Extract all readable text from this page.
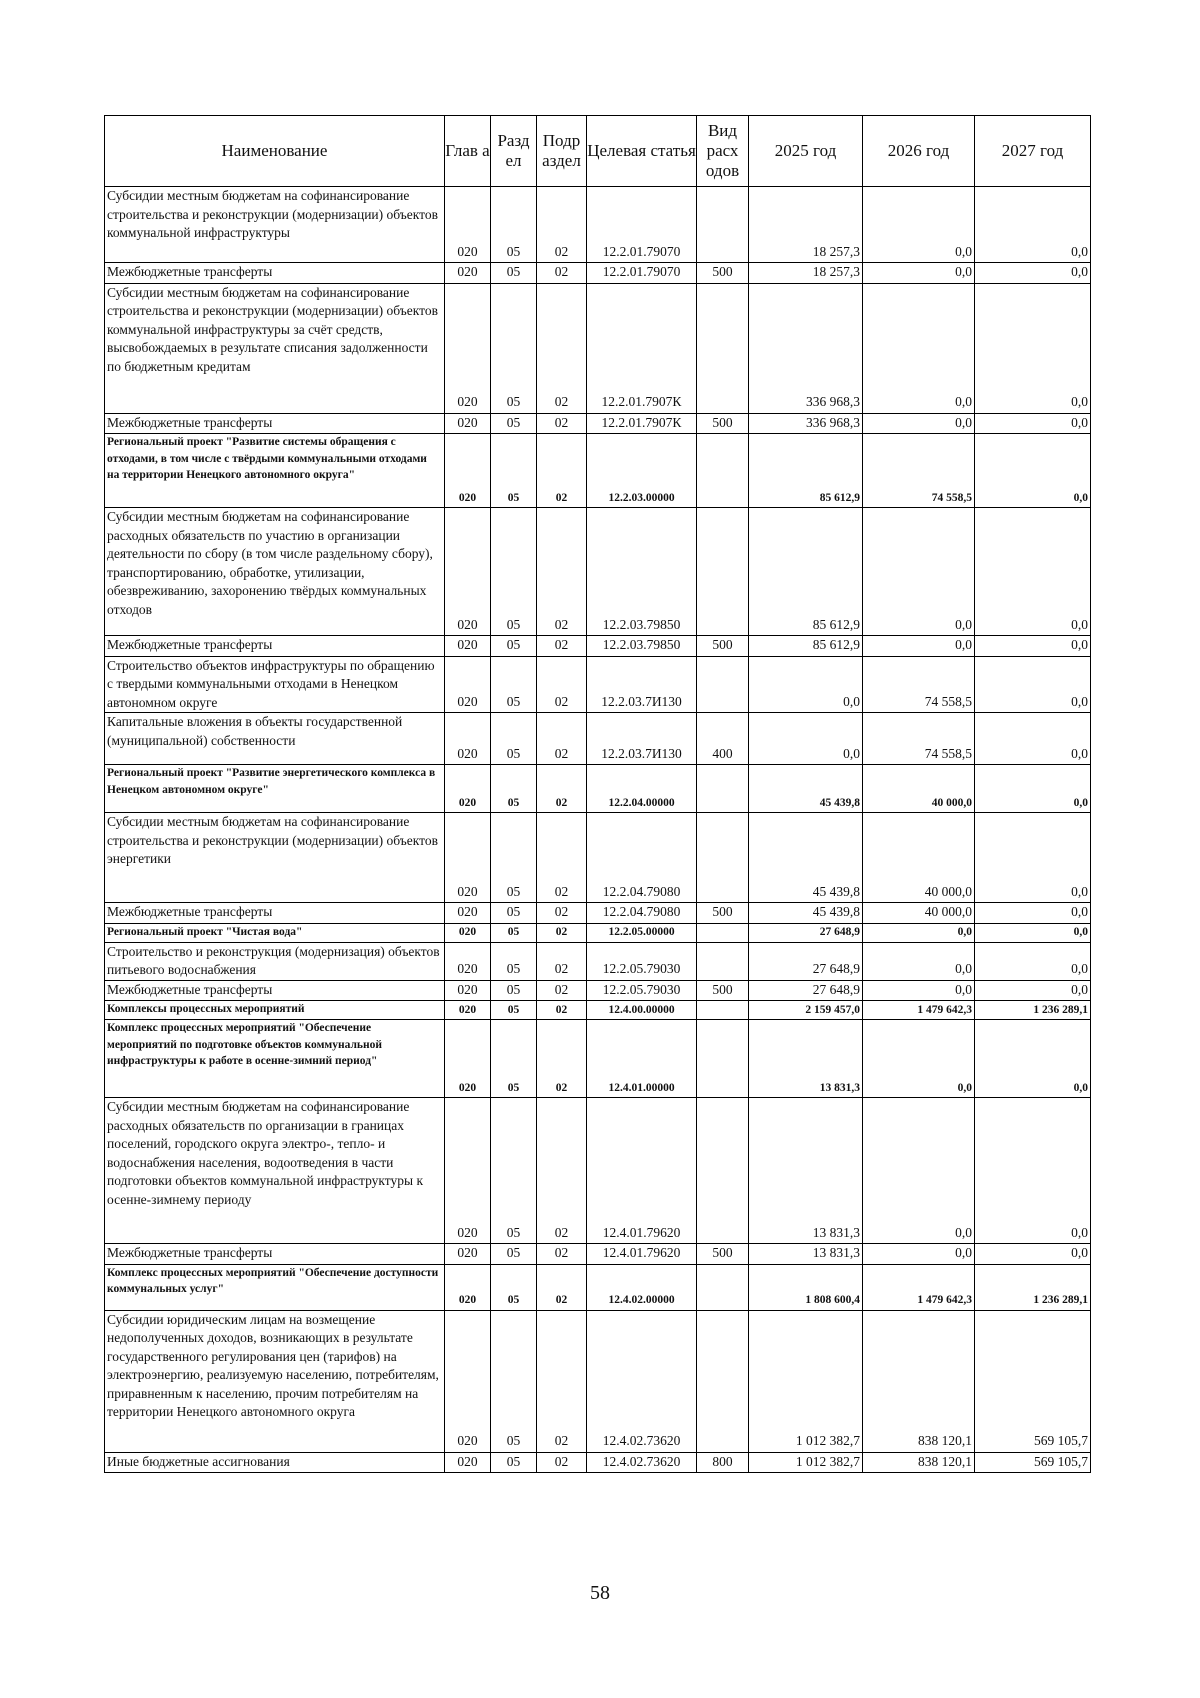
Наименование	Глав а	Разд ел	Подр аздел	Целевая статья	Вид расх одов	2025 год	2026 год	2027 год
Субсидии местным бюджетам на софинансирование строительства и реконструкции (модернизации) объектов коммунальной инфраструктуры	020	05	02	12.2.01.79070		18 257,3	0,0	0,0
Межбюджетные трансферты	020	05	02	12.2.01.79070	500	18 257,3	0,0	0,0
Субсидии местным бюджетам на софинансирование строительства и реконструкции (модернизации) объектов коммунальной инфраструктуры за счёт средств, высвобождаемых в результате списания задолженности по бюджетным кредитам	020	05	02	12.2.01.7907К		336 968,3	0,0	0,0
Межбюджетные трансферты	020	05	02	12.2.01.7907К	500	336 968,3	0,0	0,0
Региональный проект "Развитие системы обращения с отходами, в том числе с твёрдыми коммунальными отходами на территории Ненецкого автономного округа"	020	05	02	12.2.03.00000		85 612,9	74 558,5	0,0
Субсидии местным бюджетам на софинансирование расходных обязательств по участию в организации деятельности по сбору (в том числе раздельному сбору), транспортированию, обработке, утилизации, обезвреживанию, захоронению твёрдых коммунальных отходов	020	05	02	12.2.03.79850		85 612,9	0,0	0,0
Межбюджетные трансферты	020	05	02	12.2.03.79850	500	85 612,9	0,0	0,0
Строительство объектов инфраструктуры по обращению с твердыми коммунальными отходами в Ненецком автономном округе	020	05	02	12.2.03.7И130		0,0	74 558,5	0,0
Капитальные вложения в объекты государственной (муниципальной) собственности	020	05	02	12.2.03.7И130	400	0,0	74 558,5	0,0
Региональный проект "Развитие энергетического комплекса в Ненецком автономном округе"	020	05	02	12.2.04.00000		45 439,8	40 000,0	0,0
Субсидии местным бюджетам на софинансирование строительства и реконструкции (модернизации) объектов энергетики	020	05	02	12.2.04.79080		45 439,8	40 000,0	0,0
Межбюджетные трансферты	020	05	02	12.2.04.79080	500	45 439,8	40 000,0	0,0
Региональный проект "Чистая вода"	020	05	02	12.2.05.00000		27 648,9	0,0	0,0
Строительство и реконструкция (модернизация) объектов питьевого водоснабжения	020	05	02	12.2.05.79030		27 648,9	0,0	0,0
Межбюджетные трансферты	020	05	02	12.2.05.79030	500	27 648,9	0,0	0,0
Комплексы процессных мероприятий	020	05	02	12.4.00.00000		2 159 457,0	1 479 642,3	1 236 289,1
Комплекс процессных мероприятий "Обеспечение мероприятий по подготовке объектов коммунальной инфраструктуры к работе в осенне-зимний период"	020	05	02	12.4.01.00000		13 831,3	0,0	0,0
Субсидии местным бюджетам на софинансирование расходных обязательств по организации в границах поселений, городского округа электро-, тепло- и водоснабжения населения, водоотведения в части подготовки объектов коммунальной инфраструктуры к осенне-зимнему периоду	020	05	02	12.4.01.79620		13 831,3	0,0	0,0
Межбюджетные трансферты	020	05	02	12.4.01.79620	500	13 831,3	0,0	0,0
Комплекс процессных мероприятий "Обеспечение доступности коммунальных услуг"	020	05	02	12.4.02.00000		1 808 600,4	1 479 642,3	1 236 289,1
Субсидии юридическим лицам на возмещение недополученных доходов, возникающих в результате государственного регулирования цен (тарифов) на электроэнергию, реализуемую населению, потребителям, приравненным к населению, прочим потребителям на территории Ненецкого автономного округа	020	05	02	12.4.02.73620		1 012 382,7	838 120,1	569 105,7
Иные бюджетные ассигнования	020	05	02	12.4.02.73620	800	1 012 382,7	838 120,1	569 105,7
58
